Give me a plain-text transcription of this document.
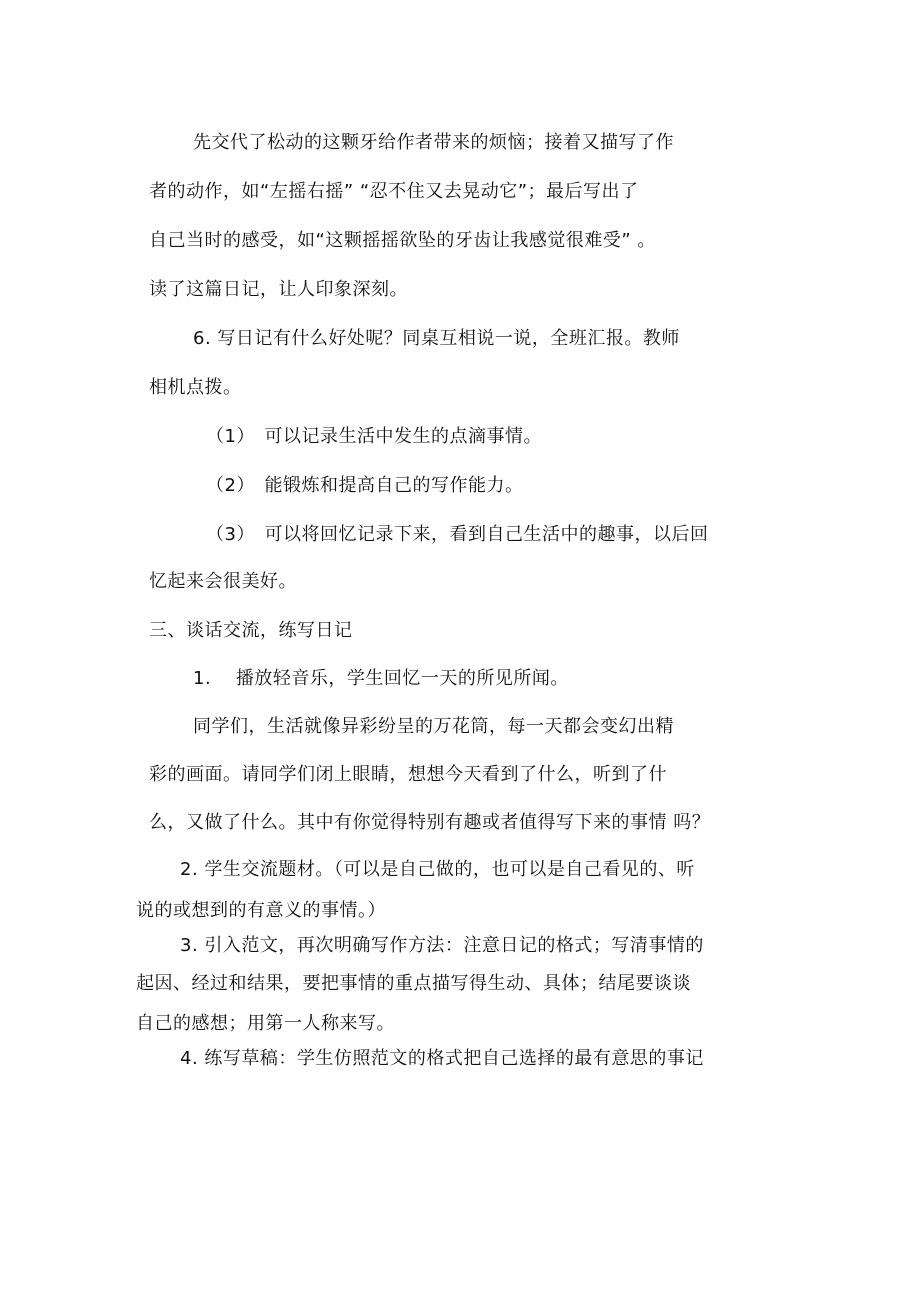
先交代了松动的这颗牙给作者带来的烦恼；接着又描写了作
者的动作，如“左摇右摇” “忍不住又去晃动它”；最后写出了
自己当时的感受，如“这颗摇摇欲坠的牙齿让我感觉很难受” 。
读了这篇日记，让人印象深刻。
6. 写日记有什么好处呢？同桌互相说一说，全班汇报。教师
相机点拨。
（1）　可以记录生活中发生的点滴事情。
（2）　能锻炼和提高自己的写作能力。
（3）　可以将回忆记录下来，看到自己生活中的趣事，以后回
忆起来会很美好。
三、谈话交流，练写日记
1.　 播放轻音乐，学生回忆一天的所见所闻。
同学们，生活就像异彩纷呈的万花筒，每一天都会变幻出精
彩的画面。请同学们闭上眼睛，想想今天看到了什么，听到了什
么，又做了什么。其中有你觉得特别有趣或者值得写下来的事情 吗？
2. 学生交流题材。（可以是自己做的，也可以是自己看见的、听
说的或想到的有意义的事情。）
3. 引入范文，再次明确写作方法：注意日记的格式；写清事情的
起因、经过和结果，要把事情的重点描写得生动、具体；结尾要谈谈
自己的感想；用第一人称来写。
4. 练写草稿：学生仿照范文的格式把自己选择的最有意思的事记
